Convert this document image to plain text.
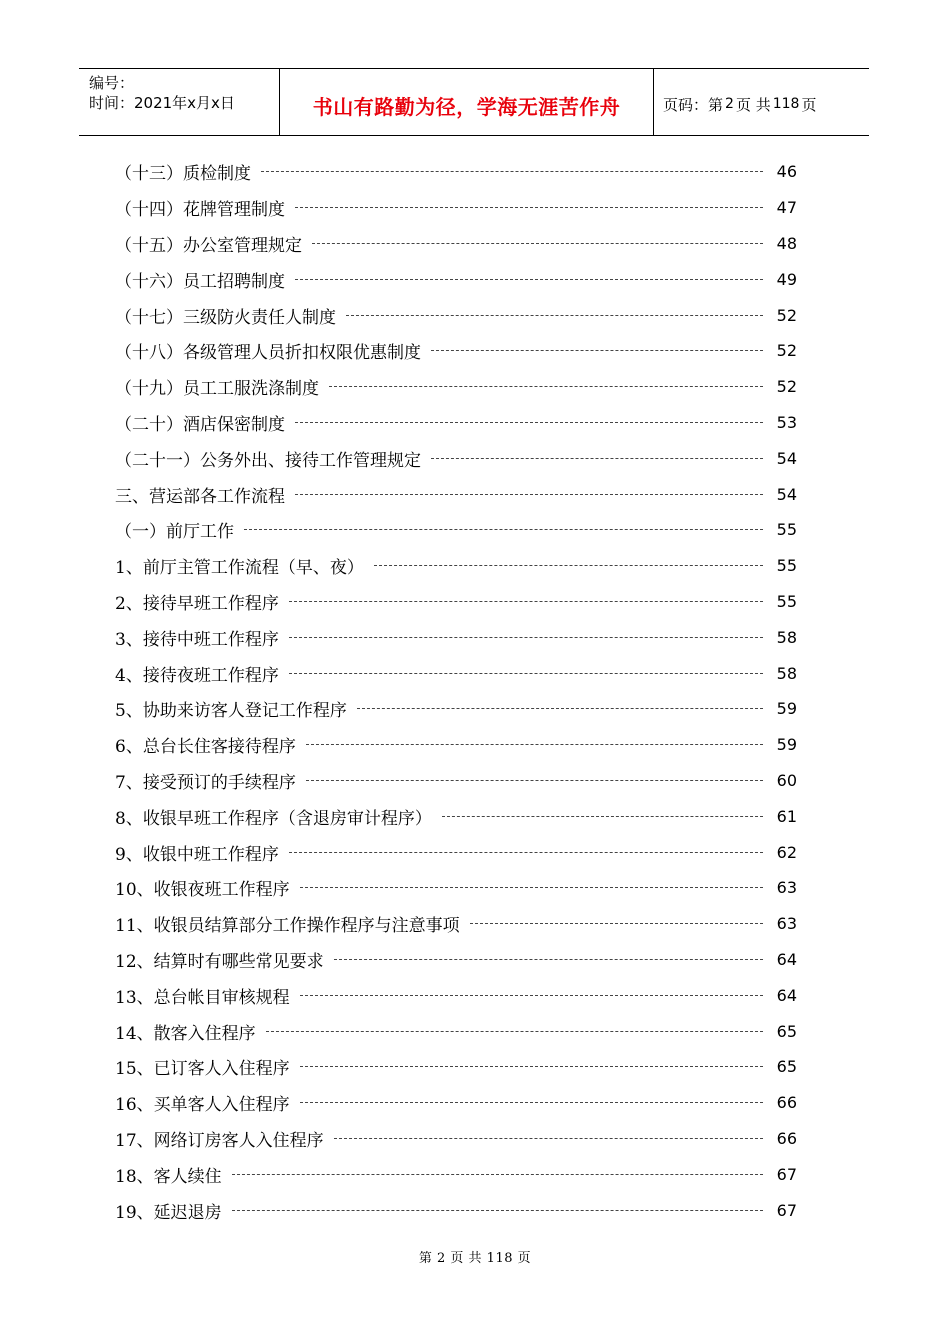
编号：
时间：2021年x月x日	书山有路勤为径，学海无涯苦作舟	页码：第 2 页 共 118 页
（十三）质检制度	46
（十四）花牌管理制度	47
（十五）办公室管理规定	48
（十六）员工招聘制度	49
（十七）三级防火责任人制度	52
（十八）各级管理人员折扣权限优惠制度	52
（十九）员工工服洗涤制度	52
（二十）酒店保密制度	53
（二十一）公务外出、接待工作管理规定	54
三、营运部各工作流程	54
（一）前厅工作	55
1、前厅主管工作流程（早、夜）	55
2、接待早班工作程序	55
3、接待中班工作程序	58
4、接待夜班工作程序	58
5、协助来访客人登记工作程序	59
6、总台长住客接待程序	59
7、接受预订的手续程序	60
8、收银早班工作程序（含退房审计程序）	61
9、收银中班工作程序	62
10、收银夜班工作程序	63
11、收银员结算部分工作操作程序与注意事项	63
12、结算时有哪些常见要求	64
13、总台帐目审核规程	64
14、散客入住程序	65
15、已订客人入住程序	65
16、买单客人入住程序	66
17、网络订房客人入住程序	66
18、客人续住	67
19、延迟退房	67
第 2 页 共 118 页
